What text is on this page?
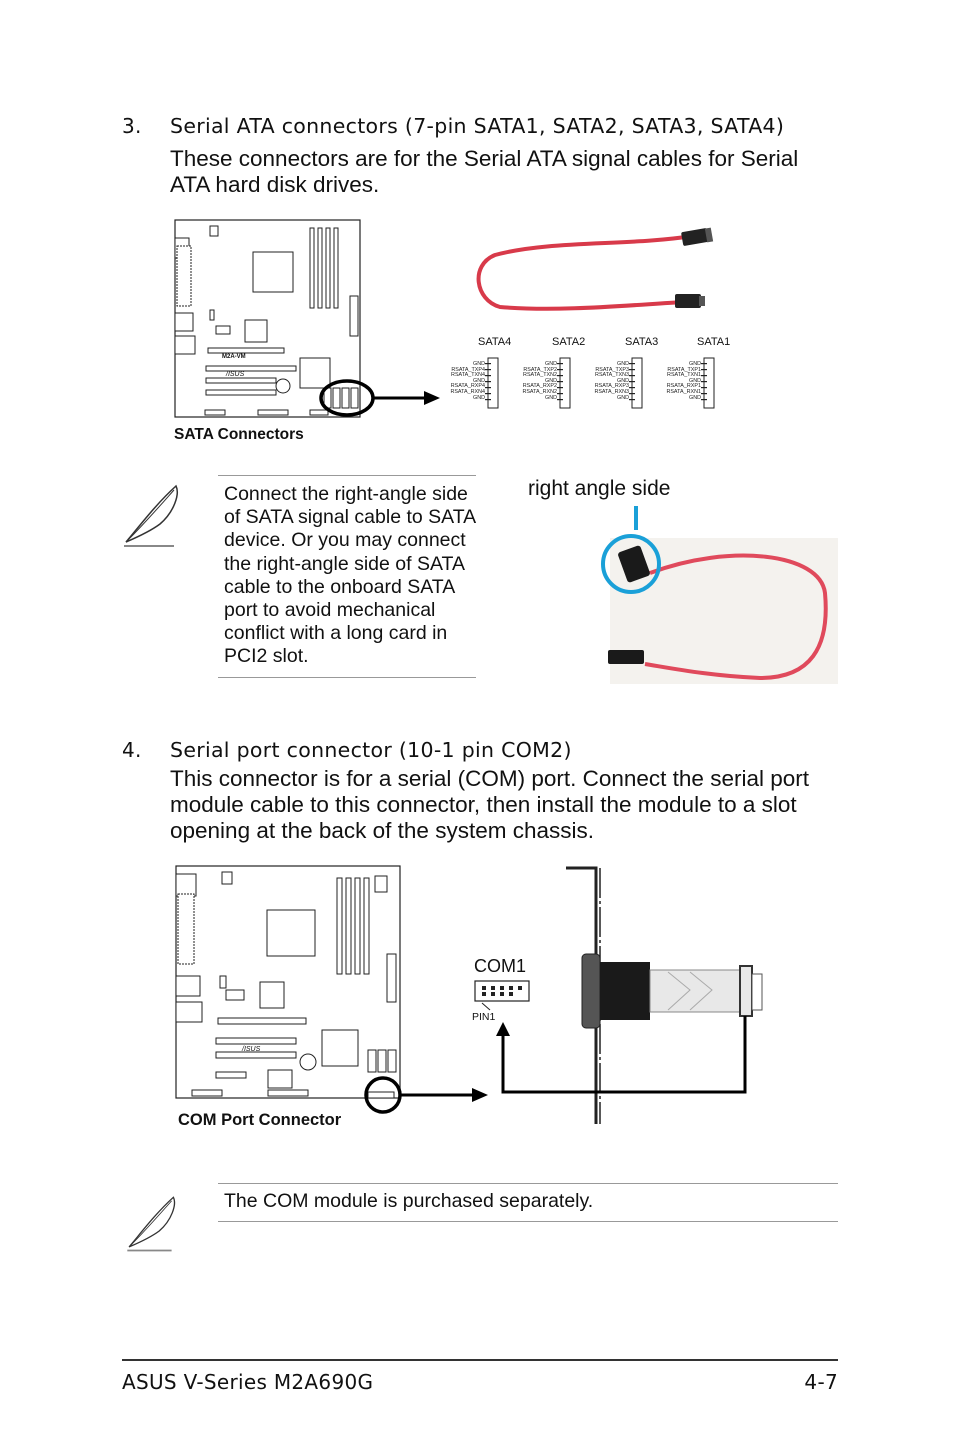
3. Serial ATA connectors (7-pin SATA1, SATA2, SATA3, SATA4)
These connectors are for the Serial ATA signal cables for Serial ATA hard disk drives.
M2A-VM
/ISUS
SATA Connectors
SATA4
GND
RSATA_TXP4
RSATA_TXN4
GND
RSATA_RXP4
RSATA_RXN4
GND
SATA2
GND
RSATA_TXP2
RSATA_TXN2
GND
RSATA_RXP2
RSATA_RXN2
GND
SATA3
GND
RSATA_TXP3
RSATA_TXN3
GND
RSATA_RXP3
RSATA_RXN3
GND
SATA1
GND
RSATA_TXP1
RSATA_TXN1
GND
RSATA_RXP1
RSATA_RXN1
GND
Connect the right-angle side of SATA signal cable to SATA device. Or you may connect the right-angle side of SATA cable to the onboard SATA port to avoid mechanical conflict with a long card in PCI2 slot.
right angle side
4. Serial port connector (10-1 pin COM2)
This connector is for a serial (COM) port. Connect the serial port module cable to this connector, then install the module to a slot opening at the back of the system chassis.
/ISUS
COM Port Connector
COM1
PIN1
The COM module is purchased separately.
ASUS V-Series M2A690G	4-7
